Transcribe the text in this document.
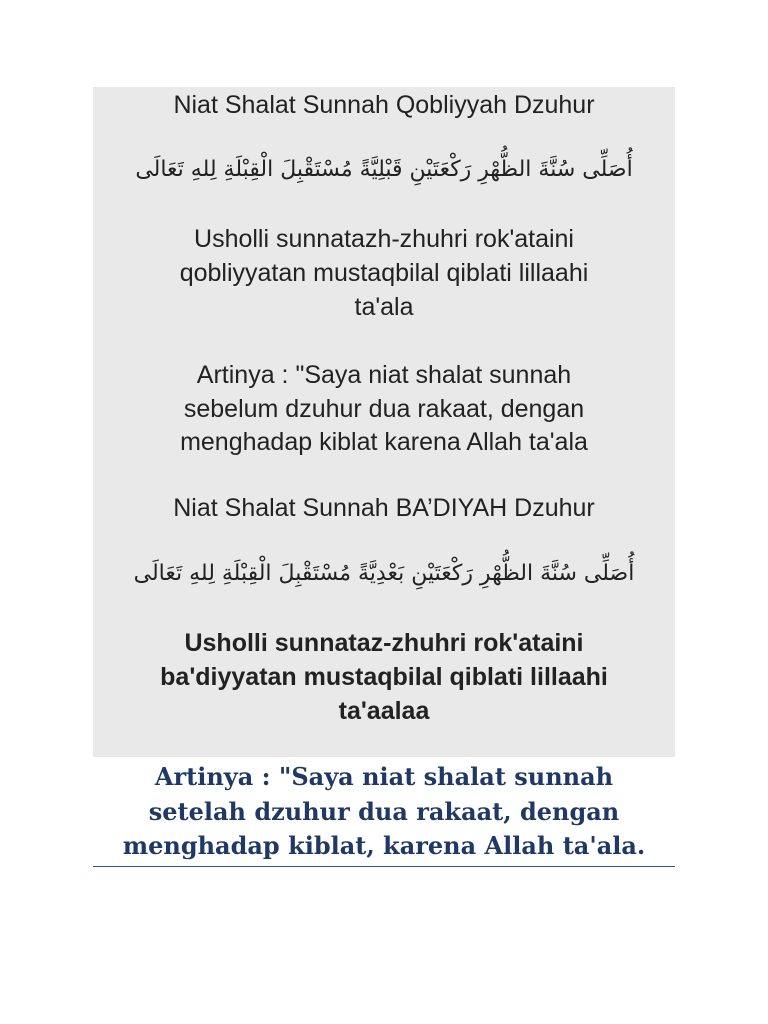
Niat Shalat Sunnah Qobliyyah Dzuhur
أُصَلِّى سُنَّةَ الظُّهْرِ رَكْعَتَيْنِ قَبْلِيَّةً مُسْتَقْبِلَ الْقِبْلَةِ لِلهِ تَعَالَى
Usholli sunnatazh-zhuhri rok'ataini
qobliyyatan mustaqbilal qiblati lillaahi
ta'ala
Artinya : "Saya niat shalat sunnah
sebelum dzuhur dua rakaat, dengan
menghadap kiblat karena Allah ta'ala
Niat Shalat Sunnah BA’DIYAH Dzuhur
أُصَلِّى سُنَّةَ الظُّهْرِ رَكْعَتَيْنِ بَعْدِيَّةً مُسْتَقْبِلَ الْقِبْلَةِ لِلهِ تَعَالَى
Usholli sunnataz-zhuhri rok'ataini
ba'diyyatan mustaqbilal qiblati lillaahi
ta'aalaa
Artinya : "Saya niat shalat sunnah
setelah dzuhur dua rakaat, dengan
menghadap kiblat, karena Allah ta'ala.
